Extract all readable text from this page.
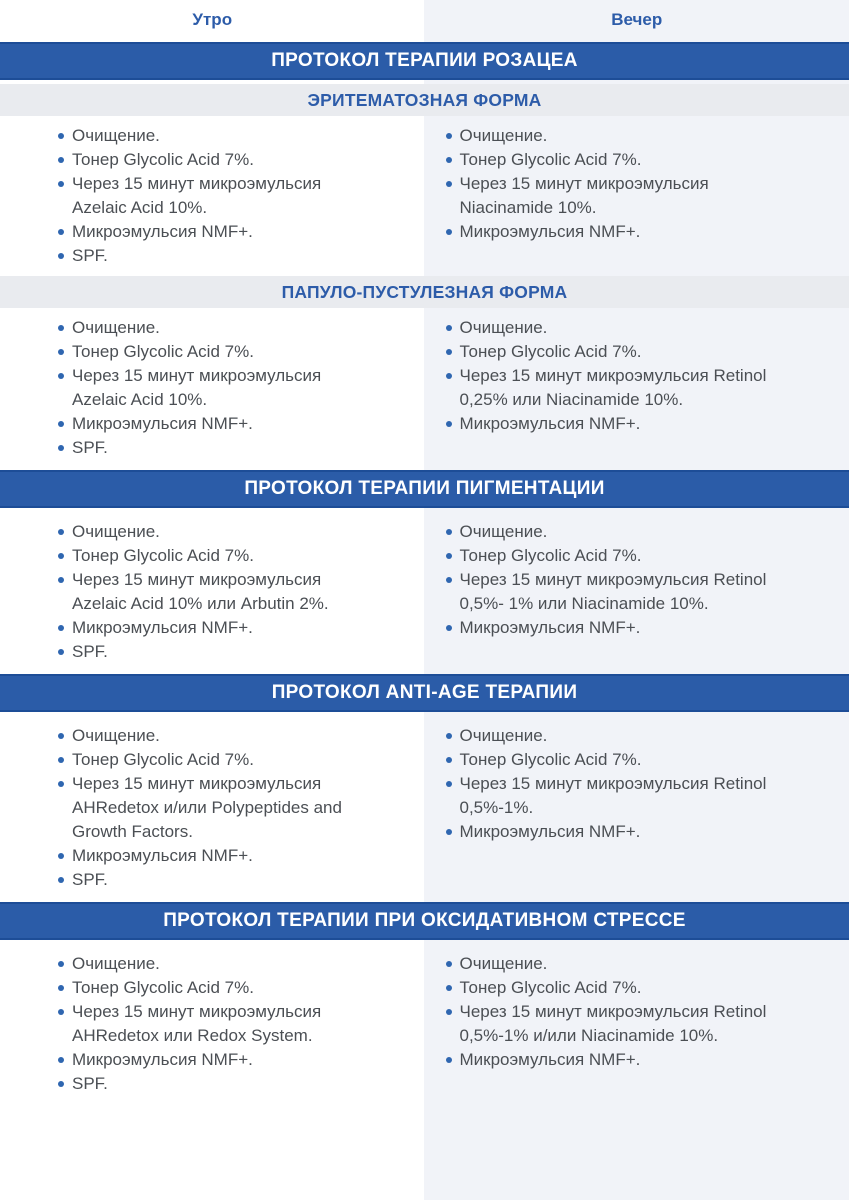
Утро	Вечер
ПРОТОКОЛ ТЕРАПИИ РОЗАЦЕА
ЭРИТЕМАТОЗНАЯ ФОРМА
Очищение.
Тонер Glycolic Acid 7%.
Через 15 минут микроэмульсия Azelaic Acid 10%.
Микроэмульсия NMF+.
SPF.
Очищение.
Тонер Glycolic Acid 7%.
Через 15 минут микроэмульсия Niacinamide 10%.
Микроэмульсия NMF+.
ПАПУЛО-ПУСТУЛЕЗНАЯ ФОРМА
Очищение.
Тонер Glycolic Acid 7%.
Через 15 минут микроэмульсия Azelaic Acid 10%.
Микроэмульсия NMF+.
SPF.
Очищение.
Тонер Glycolic Acid 7%.
Через 15 минут микроэмульсия Retinol 0,25% или Niacinamide 10%.
Микроэмульсия NMF+.
ПРОТОКОЛ ТЕРАПИИ ПИГМЕНТАЦИИ
Очищение.
Тонер Glycolic Acid 7%.
Через 15 минут микроэмульсия Azelaic Acid 10% или Arbutin 2%.
Микроэмульсия NMF+.
SPF.
Очищение.
Тонер Glycolic Acid 7%.
Через 15 минут микроэмульсия Retinol 0,5%- 1% или Niacinamide 10%.
Микроэмульсия NMF+.
ПРОТОКОЛ ANTI-AGE ТЕРАПИИ
Очищение.
Тонер Glycolic Acid 7%.
Через 15 минут микроэмульсия AHRedetox и/или Polypeptides and Growth Factors.
Микроэмульсия NMF+.
SPF.
Очищение.
Тонер Glycolic Acid 7%.
Через 15 минут микроэмульсия Retinol 0,5%-1%.
Микроэмульсия NMF+.
ПРОТОКОЛ ТЕРАПИИ ПРИ ОКСИДАТИВНОМ СТРЕССЕ
Очищение.
Тонер Glycolic Acid 7%.
Через 15 минут микроэмульсия AHRedetox или Redox System.
Микроэмульсия NMF+.
SPF.
Очищение.
Тонер Glycolic Acid 7%.
Через 15 минут микроэмульсия Retinol 0,5%-1% и/или Niacinamide 10%.
Микроэмульсия NMF+.
